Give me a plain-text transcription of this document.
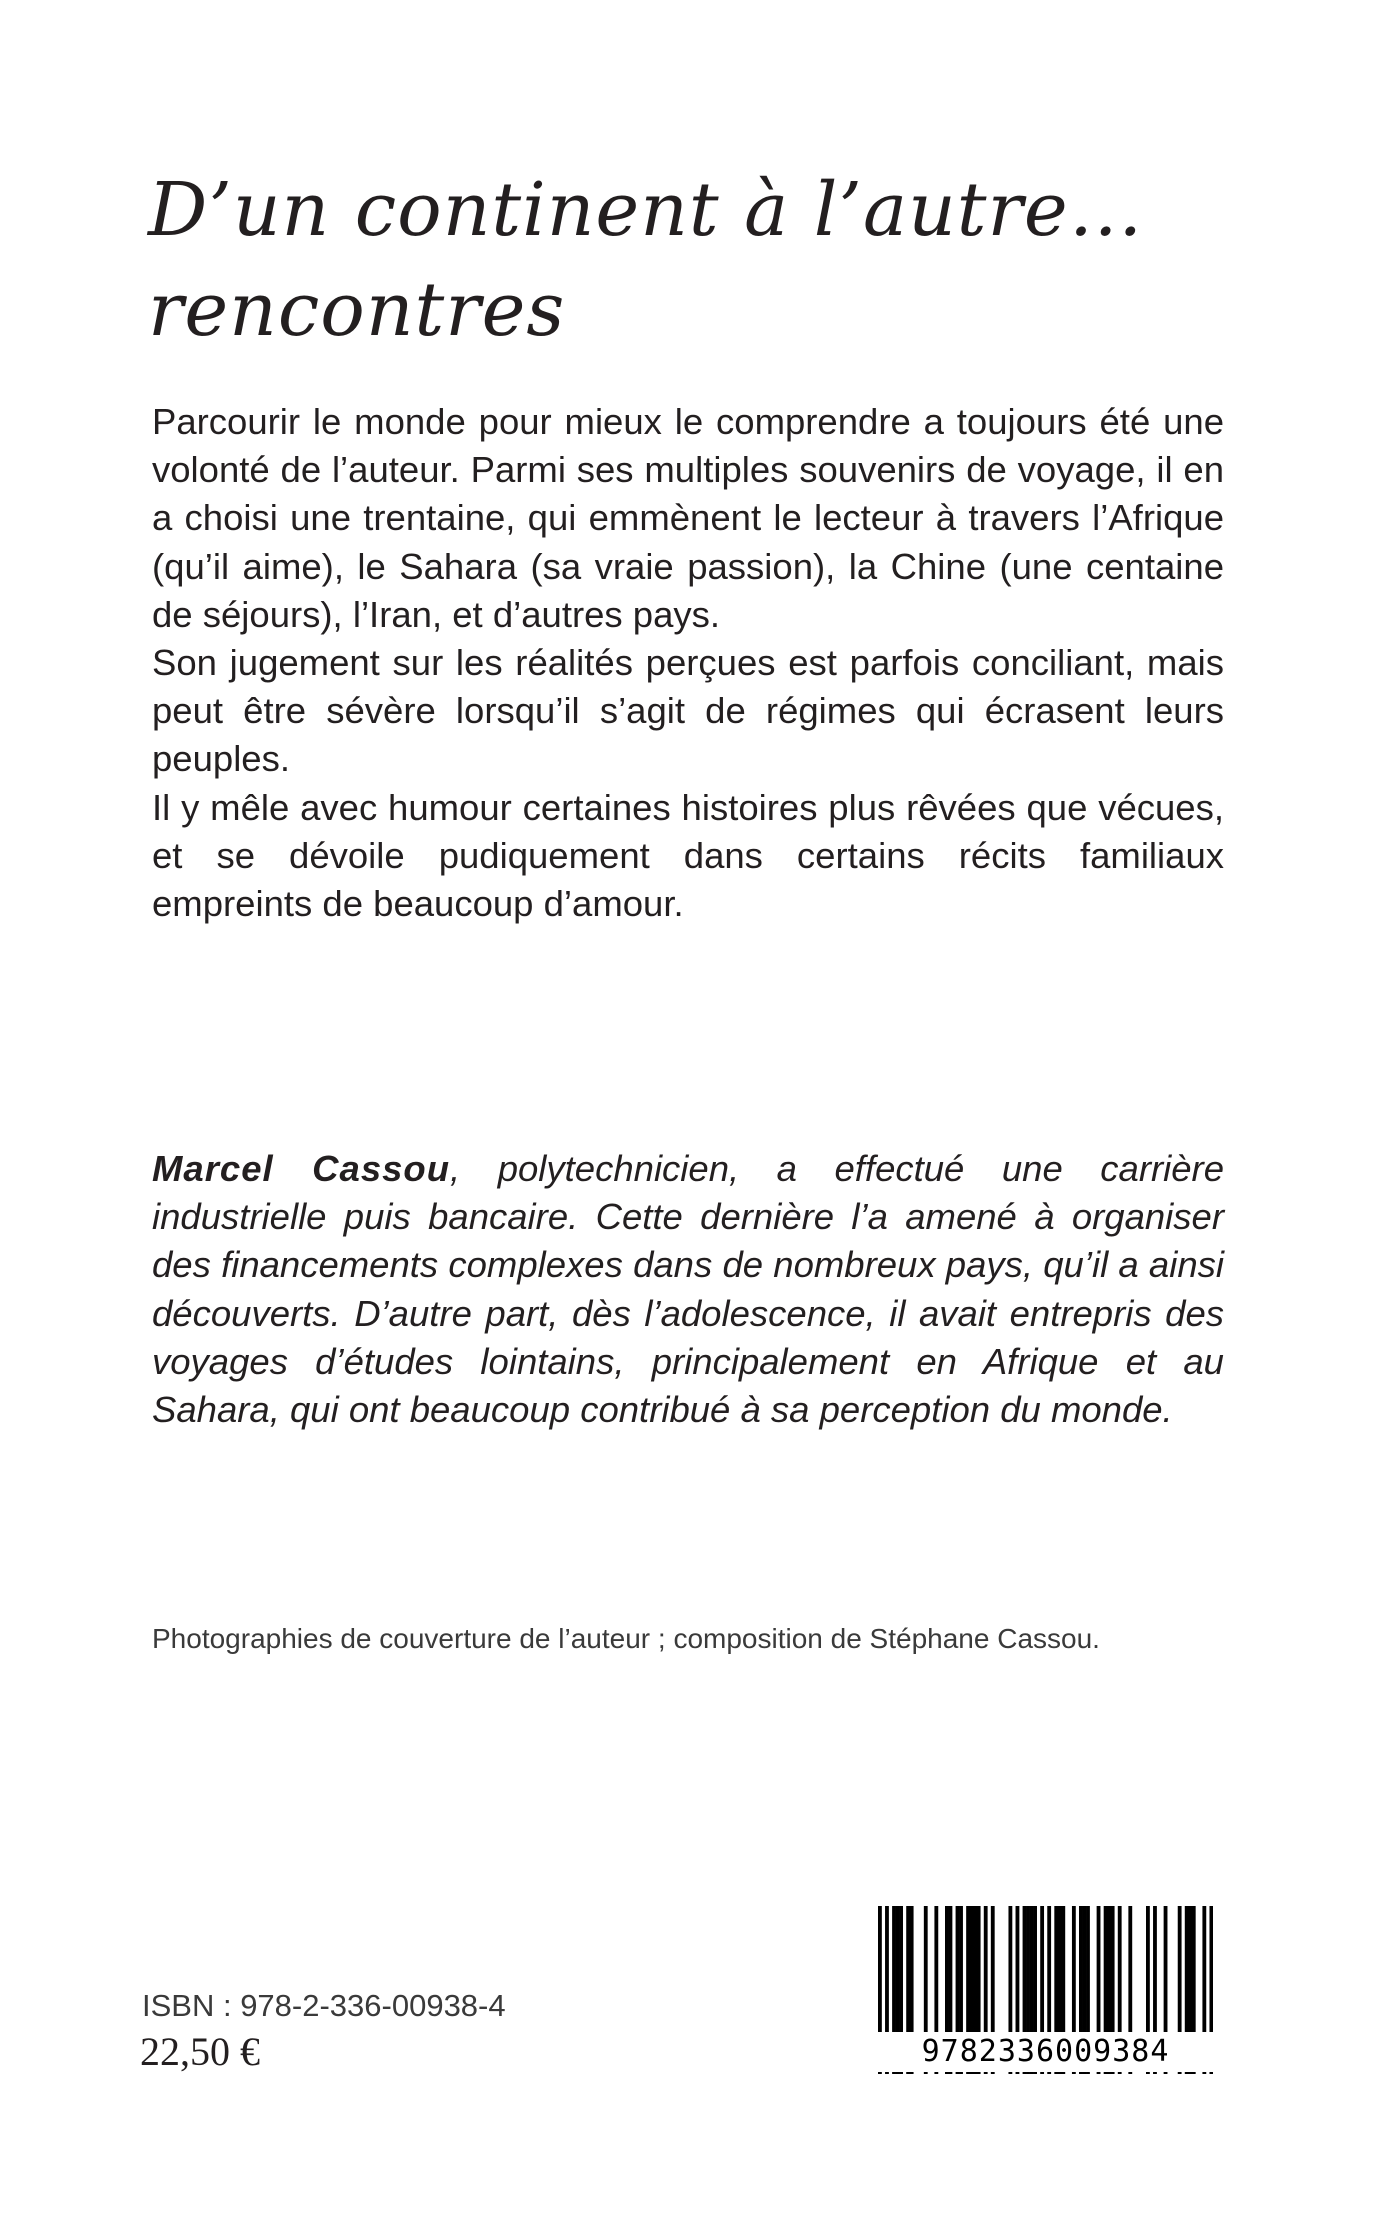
D’un continent à l’autre…
rencontres

Parcourir le monde pour mieux le comprendre a toujours été une volonté de l’auteur. Parmi ses multiples souvenirs de voyage, il en a choisi une trentaine, qui emmènent le lecteur à travers l’Afrique (qu’il aime), le Sahara (sa vraie passion), la Chine (une centaine de séjours), l’Iran, et d’autres pays.

Son jugement sur les réalités perçues est parfois conciliant, mais peut être sévère lorsqu’il s’agit de régimes qui écrasent leurs peuples.

Il y mêle avec humour certaines histoires plus rêvées que vécues, et se dévoile pudiquement dans certains récits familiaux empreints de beaucoup d’amour.

Marcel Cassou, polytechnicien, a effectué une carrière industrielle puis bancaire. Cette dernière l’a amené à organiser des financements complexes dans de nombreux pays, qu’il a ainsi découverts. D’autre part, dès l’adolescence, il avait entrepris des voyages d’études lointains, principalement en Afrique et au Sahara, qui ont beaucoup contribué à sa perception du monde.

Photographies de couverture de l’auteur ; composition de Stéphane Cassou.

ISBN : 978-2-336-00938-4

22,50 €	9782336009384
